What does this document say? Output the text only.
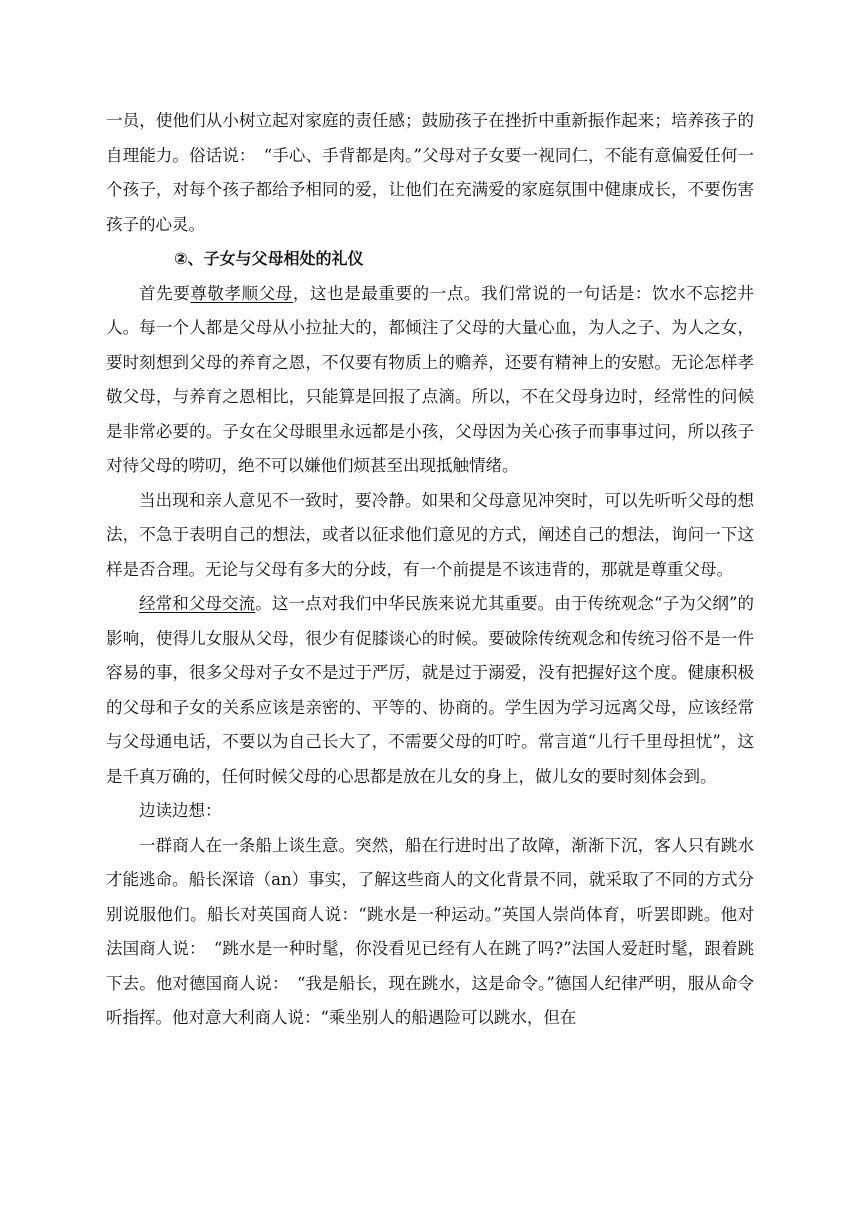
一员，使他们从小树立起对家庭的责任感；鼓励孩子在挫折中重新振作起来；培养孩子的自理能力。俗话说：　“手心、手背都是肉。”父母对子女要一视同仁，不能有意偏爱任何一个孩子，对每个孩子都给予相同的爱，让他们在充满爱的家庭氛围中健康成长，不要伤害孩子的心灵。

②、子女与父母相处的礼仪

首先要尊敬孝顺父母，这也是最重要的一点。我们常说的一句话是：饮水不忘挖井人。每一个人都是父母从小拉扯大的，都倾注了父母的大量心血，为人之子、为人之女，要时刻想到父母的养育之恩，不仅要有物质上的赡养，还要有精神上的安慰。无论怎样孝敬父母，与养育之恩相比，只能算是回报了点滴。所以，不在父母身边时，经常性的问候是非常必要的。子女在父母眼里永远都是小孩，父母因为关心孩子而事事过问，所以孩子对待父母的唠叨，绝不可以嫌他们烦甚至出现抵触情绪。

当出现和亲人意见不一致时，要冷静。如果和父母意见冲突时，可以先听听父母的想法，不急于表明自己的想法，或者以征求他们意见的方式，阐述自己的想法，询问一下这样是否合理。无论与父母有多大的分歧，有一个前提是不该违背的，那就是尊重父母。

经常和父母交流。这一点对我们中华民族来说尤其重要。由于传统观念“子为父纲”的影响，使得儿女服从父母，很少有促膝谈心的时候。要破除传统观念和传统习俗不是一件容易的事，很多父母对子女不是过于严厉，就是过于溺爱，没有把握好这个度。健康积极的父母和子女的关系应该是亲密的、平等的、协商的。学生因为学习远离父母，应该经常与父母通电话，不要以为自己长大了，不需要父母的叮咛。常言道“儿行千里母担忧”，这是千真万确的，任何时候父母的心思都是放在儿女的身上，做儿女的要时刻体会到。

边读边想：

一群商人在一条船上谈生意。突然，船在行进时出了故障，渐渐下沉，客人只有跳水才能逃命。船长深谙（an）事实，了解这些商人的文化背景不同，就采取了不同的方式分别说服他们。船长对英国商人说：“跳水是一种运动。”英国人崇尚体育，听罢即跳。他对法国商人说：　“跳水是一种时髦，你没看见已经有人在跳了吗?”法国人爱赶时髦，跟着跳下去。他对德国商人说：　“我是船长，现在跳水，这是命令。”德国人纪律严明，服从命令听指挥。他对意大利商人说：“乘坐别人的船遇险可以跳水，但在
